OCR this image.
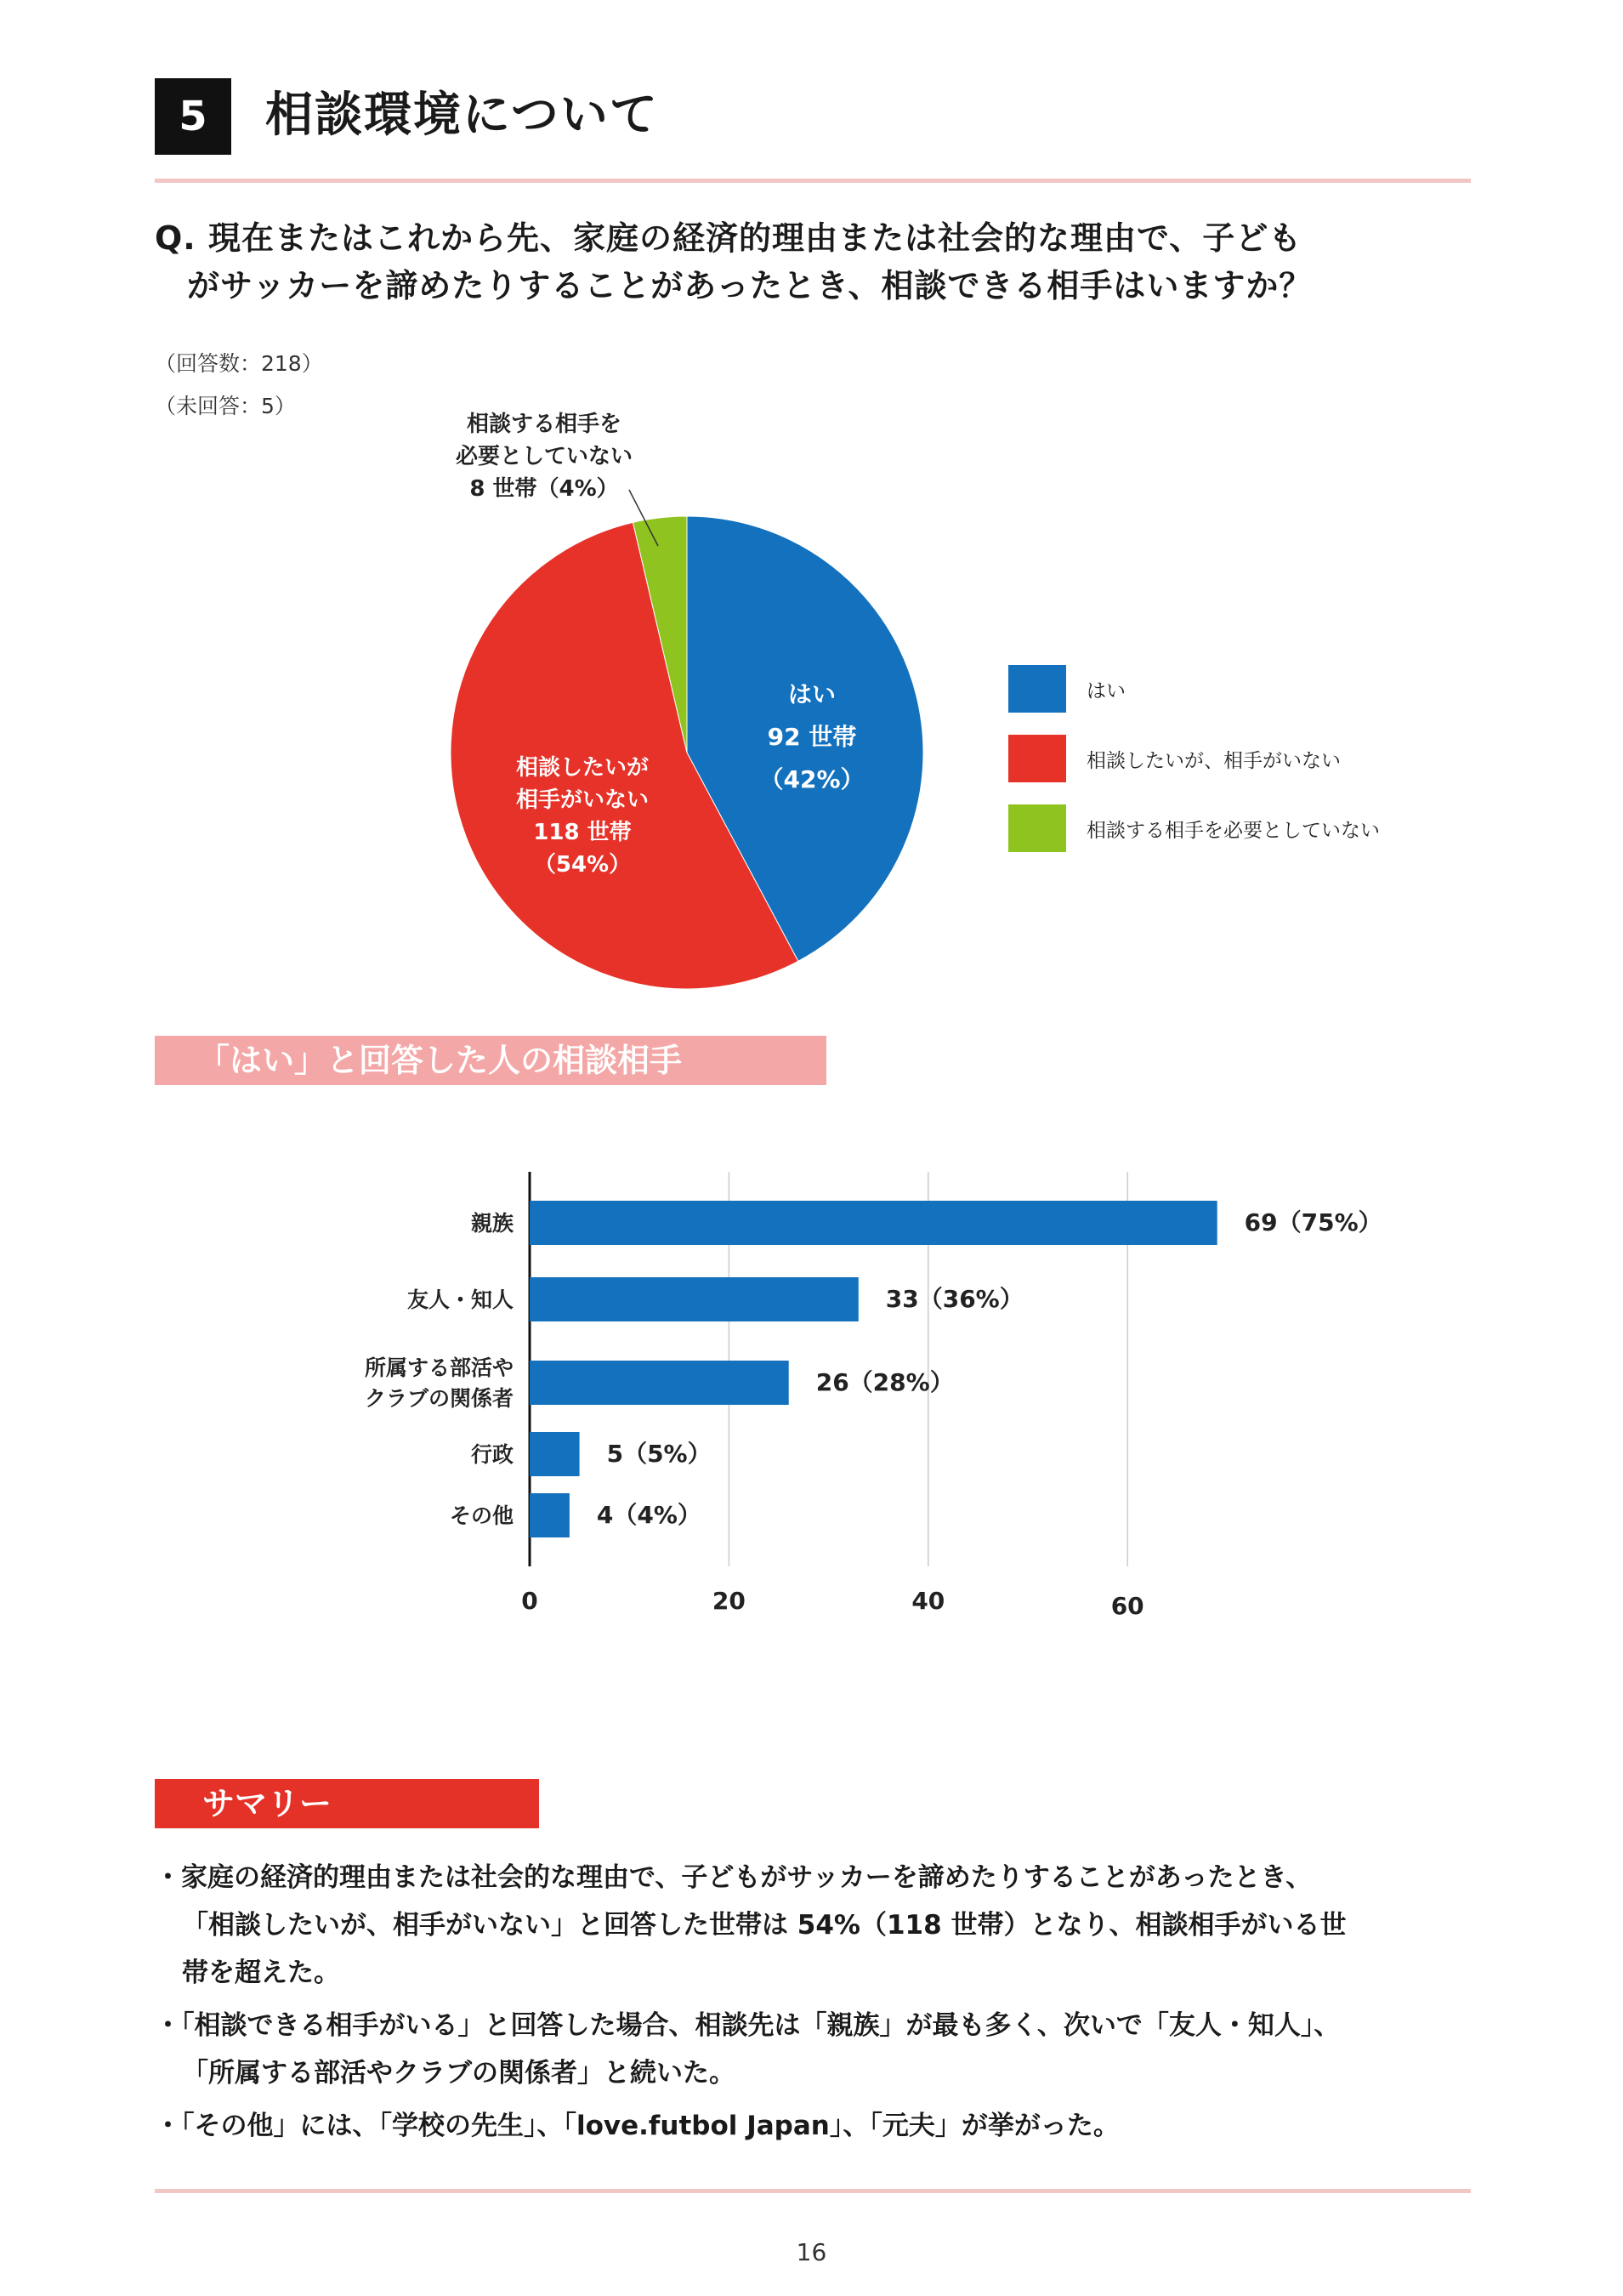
5	相談環境について
Q. 現在またはこれから先、家庭の経済的理由または社会的な理由で、子ども
がサッカーを諦めたりすることがあったとき、相談できる相手はいますか？
（回答数：218）
（未回答：5）
相談する相手を
必要としていない
8 世帯（4%）
はい
92 世帯
（42%）
相談したいが
相手がいない
118 世帯
（54%）
はい
相談したいが、相手がいない
相談する相手を必要としていない
「はい」と回答した人の相談相手
親族
友人・知人
所属する部活や
クラブの関係者
行政
その他
69（75%）
33（36%）
26（28%）
5（5%）
4（4%）
0	20	40	60
サマリー

・家庭の経済的理由または社会的な理由で、子どもがサッカーを諦めたりすることがあったとき、
「相談したいが、相手がいない」と回答した世帯は 54%（118 世帯）となり、相談相手がいる世
帯を超えた。

・「相談できる相手がいる」と回答した場合、相談先は「親族」が最も多く、次いで「友人・知人」、
「所属する部活やクラブの関係者」と続いた。

・「その他」には、「学校の先生」、「love.futbol Japan」、「元夫」が挙がった。

16
